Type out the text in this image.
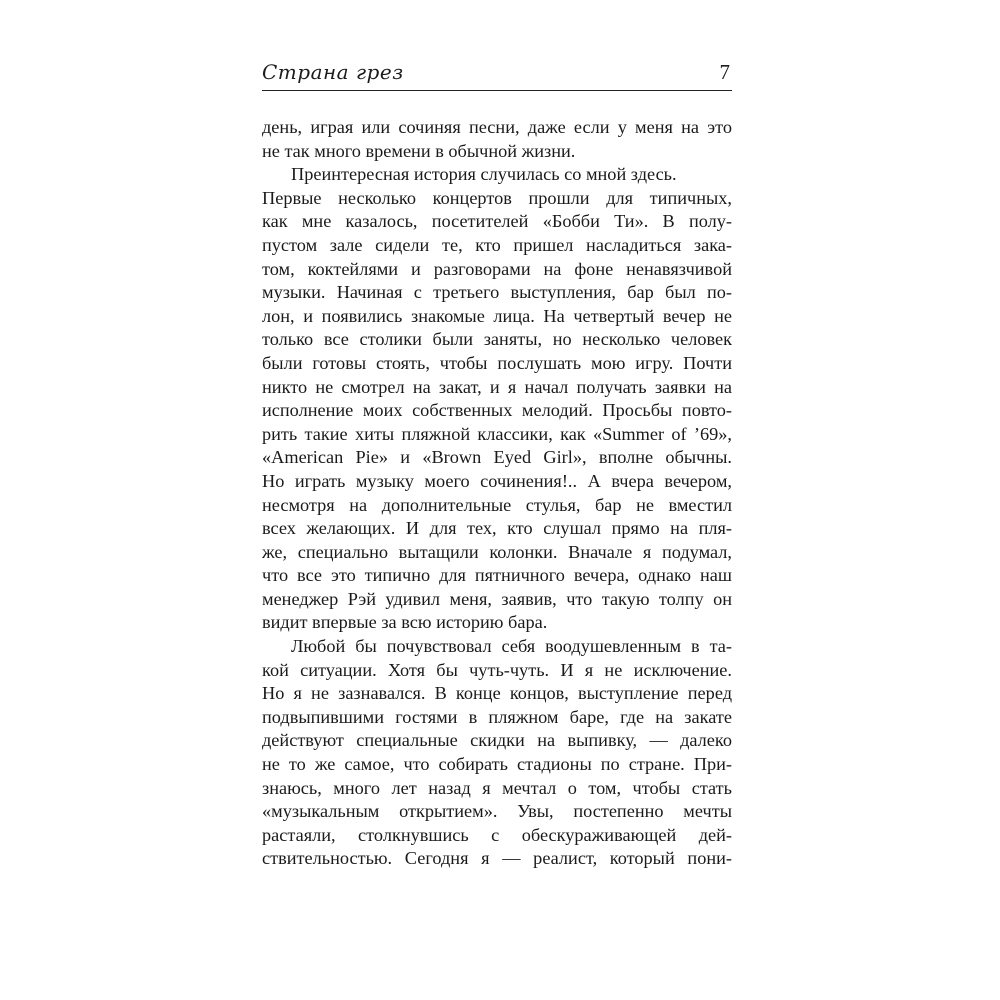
Страна грез	7
день, играя или сочиняя песни, даже если у меня на это
не так много времени в обычной жизни.
Преинтересная история случилась со мной здесь.
Первые несколько концертов прошли для типичных,
как мне казалось, посетителей «Бобби Ти». В полу-
пустом зале сидели те, кто пришел насладиться зака-
том, коктейлями и разговорами на фоне ненавязчивой
музыки. Начиная с третьего выступления, бар был по-
лон, и появились знакомые лица. На четвертый вечер не
только все столики были заняты, но несколько человек
были готовы стоять, чтобы послушать мою игру. Почти
никто не смотрел на закат, и я начал получать заявки на
исполнение моих собственных мелодий. Просьбы повто-
рить такие хиты пляжной классики, как «Summer of ’69»,
«American Pie» и «Brown Eyed Girl», вполне обычны.
Но играть музыку моего сочинения!.. А вчера вечером,
несмотря на дополнительные стулья, бар не вместил
всех желающих. И для тех, кто слушал прямо на пля-
же, специально вытащили колонки. Вначале я подумал,
что все это типично для пятничного вечера, однако наш
менеджер Рэй удивил меня, заявив, что такую толпу он
видит впервые за всю историю бара.
Любой бы почувствовал себя воодушевленным в та-
кой ситуации. Хотя бы чуть-чуть. И я не исключение.
Но я не зазнавался. В конце концов, выступление перед
подвыпившими гостями в пляжном баре, где на закате
действуют специальные скидки на выпивку, — далеко
не то же самое, что собирать стадионы по стране. При-
знаюсь, много лет назад я мечтал о том, чтобы стать
«музыкальным открытием». Увы, постепенно мечты
растаяли, столкнувшись с обескураживающей дей-
ствительностью. Сегодня я — реалист, который пони-
